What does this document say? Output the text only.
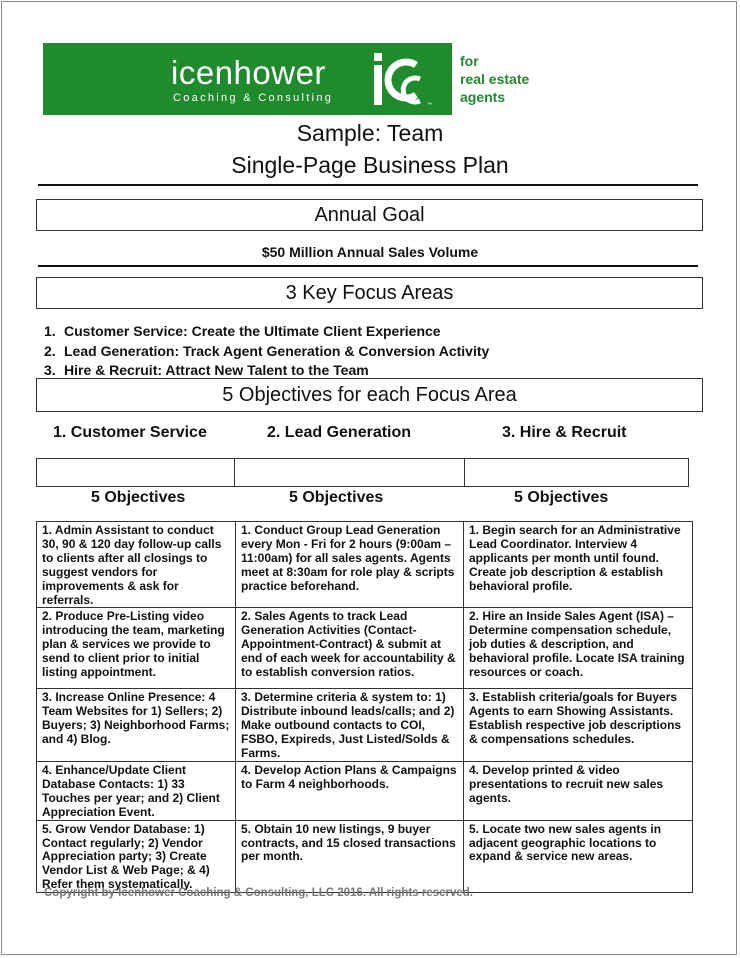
icenhower
Coaching & Consulting
™
for
real estate
agents
Sample: Team
Single-Page Business Plan
Annual Goal
$50 Million Annual Sales Volume
3 Key Focus Areas
1. Customer Service: Create the Ultimate Client Experience
2. Lead Generation: Track Agent Generation & Conversion Activity
3. Hire & Recruit: Attract New Talent to the Team
5 Objectives for each Focus Area
1. Customer Service	2. Lead Generation	3. Hire & Recruit
5 Objectives	5 Objectives	5 Objectives
1. Admin Assistant to conduct 30, 90 & 120 day follow-up calls to clients after all closings to suggest vendors for improvements & ask for referrals.	1. Conduct Group Lead Generation every Mon - Fri for 2 hours (9:00am – 11:00am) for all sales agents. Agents meet at 8:30am for role play & scripts practice beforehand.	1. Begin search for an Administrative Lead Coordinator. Interview 4 applicants per month until found. Create job description & establish behavioral profile.
2. Produce Pre-Listing video introducing the team, marketing plan & services we provide to send to client prior to initial listing appointment.	2. Sales Agents to track Lead Generation Activities (Contact-Appointment-Contract) & submit at end of each week for accountability & to establish conversion ratios.	2. Hire an Inside Sales Agent (ISA) – Determine compensation schedule, job duties & description, and behavioral profile. Locate ISA training resources or coach.
3. Increase Online Presence: 4 Team Websites for 1) Sellers; 2) Buyers; 3) Neighborhood Farms; and 4) Blog.	3. Determine criteria & system to: 1) Distribute inbound leads/calls; and 2) Make outbound contacts to COI, FSBO, Expireds, Just Listed/Solds & Farms.	3. Establish criteria/goals for Buyers Agents to earn Showing Assistants. Establish respective job descriptions & compensations schedules.
4. Enhance/Update Client Database Contacts: 1) 33 Touches per year; and 2) Client Appreciation Event.	4. Develop Action Plans & Campaigns to Farm 4 neighborhoods.	4. Develop printed & video presentations to recruit new sales agents.
5. Grow Vendor Database: 1) Contact regularly; 2) Vendor Appreciation party; 3) Create Vendor List & Web Page; & 4) Refer them systematically.	5. Obtain 10 new listings, 9 buyer contracts, and 15 closed transactions per month.	5. Locate two new sales agents in adjacent geographic locations to expand & service new areas.
Copyright by Icenhower Coaching & Consulting, LLC 2016. All rights reserved.
